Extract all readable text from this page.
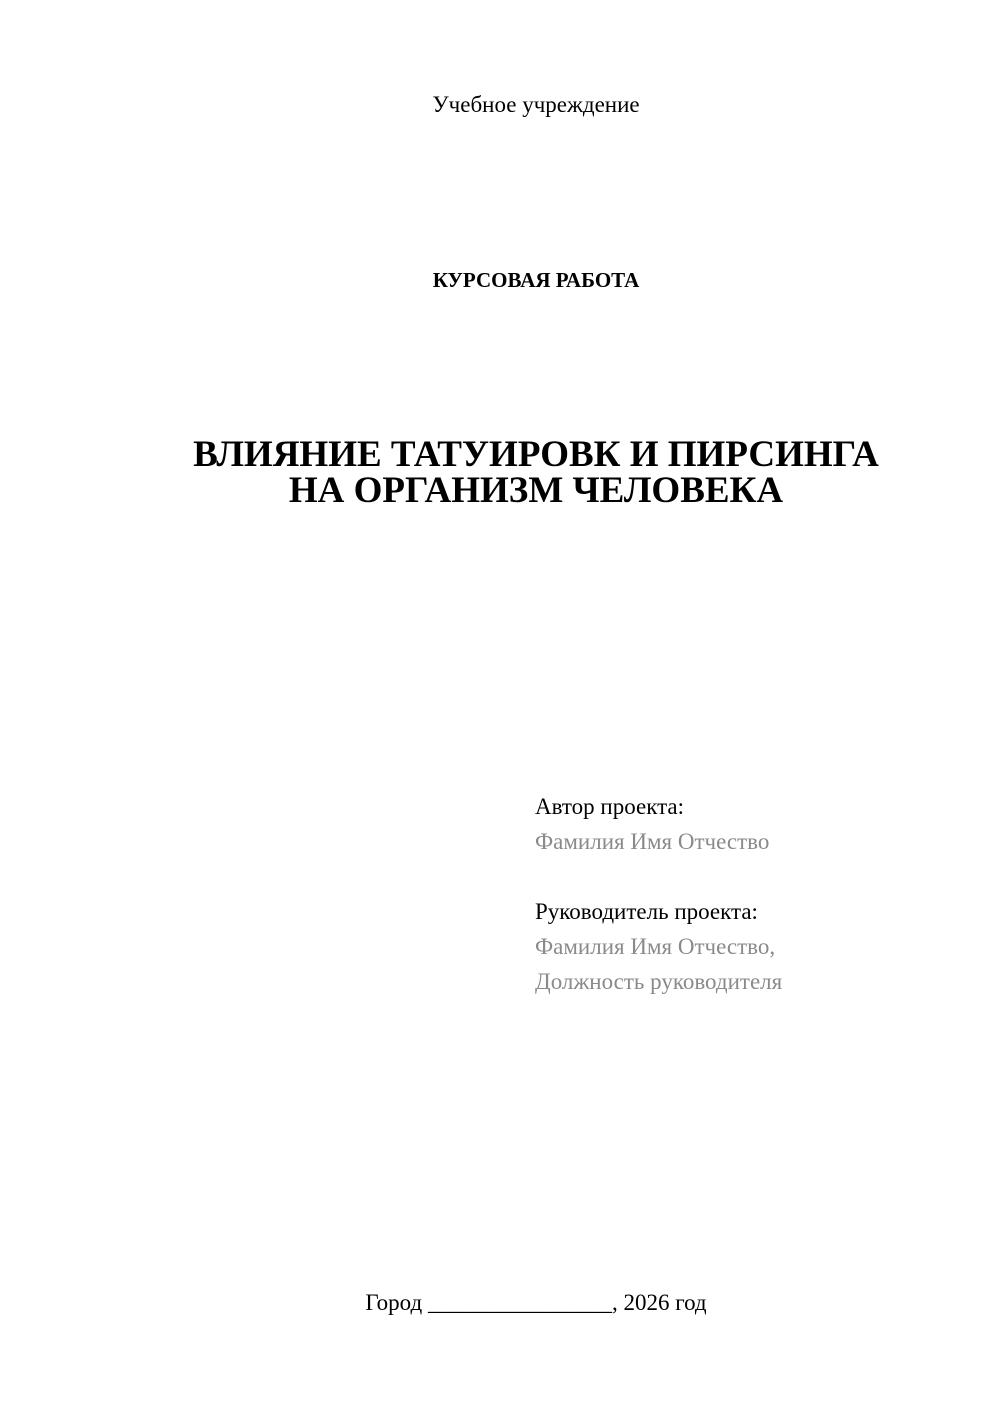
Учебное учреждение
КУРСОВАЯ РАБОТА
ВЛИЯНИЕ ТАТУИРОВК И ПИРСИНГА
НА ОРГАНИЗМ ЧЕЛОВЕКА
Автор проекта:
Фамилия Имя Отчество
Руководитель проекта:
Фамилия Имя Отчество,
Должность руководителя
Город ________________, 2026 год
